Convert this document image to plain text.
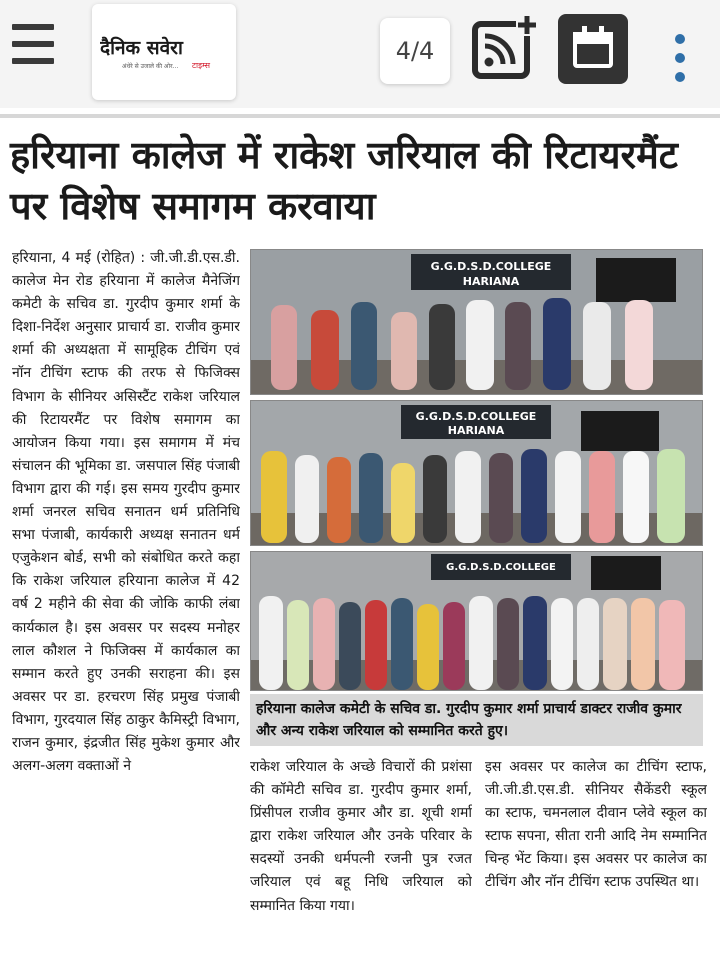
दैनिक सवेरा
टाइम्स
अंधेरे से उजाले की ओर...
4/4
हरियाना कालेज में राकेश जरियाल की रिटायरमैंट पर विशेष समागम करवाया
हरियाना, 4 मई (रोहित) : जी.जी.डी.एस.डी. कालेज मेन रोड हरियाना में कालेज मैनेजिंग कमेटी के सचिव डा. गुरदीप कुमार शर्मा के दिशा-निर्देश अनुसार प्राचार्य डा. राजीव कुमार शर्मा की अध्यक्षता में सामूहिक टीचिंग एवं नॉन टीचिंग स्टाफ की तरफ से फिजिक्स विभाग के सीनियर असिस्टैंट राकेश जरियाल की रिटायरमैंट पर विशेष समागम का आयोजन किया गया। इस समागम में मंच संचालन की भूमिका डा. जसपाल सिंह पंजाबी विभाग द्वारा की गई। इस समय गुरदीप कुमार शर्मा जनरल सचिव सनातन धर्म प्रतिनिधि सभा पंजाबी, कार्यकारी अध्यक्ष सनातन धर्म एजुकेशन बोर्ड, सभी को संबोधित करते कहा कि राकेश जरियाल हरियाना कालेज में 42 वर्ष 2 महीने की सेवा की जोकि काफी लंबा कार्यकाल है। इस अवसर पर सदस्य मनोहर लाल कौशल ने फिजिक्स में कार्यकाल का सम्मान करते हुए उनकी सराहना की। इस अवसर पर डा. हरचरण सिंह प्रमुख पंजाबी विभाग, गुरदयाल सिंह ठाकुर कैमिस्ट्री विभाग, राजन कुमार, इंद्रजीत सिंह मुकेश कुमार और अलग-अलग वक्ताओं ने
G.G.D.S.D.COLLEGE
HARIANA
G.G.D.S.D.COLLEGE
HARIANA
G.G.D.S.D.COLLEGE
हरियाना कालेज कमेटी के सचिव डा. गुरदीप कुमार शर्मा प्राचार्य डाक्टर राजीव कुमार और अन्य राकेश जरियाल को सम्मानित करते हुए।
राकेश जरियाल के अच्छे विचारों की प्रशंसा की कॉमेटी सचिव डा. गुरदीप कुमार शर्मा, प्रिंसीपल राजीव कुमार और डा. शूची शर्मा द्वारा राकेश जरियाल और उनके परिवार के सदस्यों उनकी धर्मपत्नी रजनी पुत्र रजत जरियाल एवं बहू निधि जरियाल को सम्मानित किया गया।
इस अवसर पर कालेज का टीचिंग स्टाफ, जी.जी.डी.एस.डी. सीनियर सैकेंडरी स्कूल का स्टाफ, चमनलाल दीवान प्लेवे स्कूल का स्टाफ सपना, सीता रानी आदि नेम सम्मानित चिन्ह भेंट किया। इस अवसर पर कालेज का टीचिंग और नॉन टीचिंग स्टाफ उपस्थित था।
